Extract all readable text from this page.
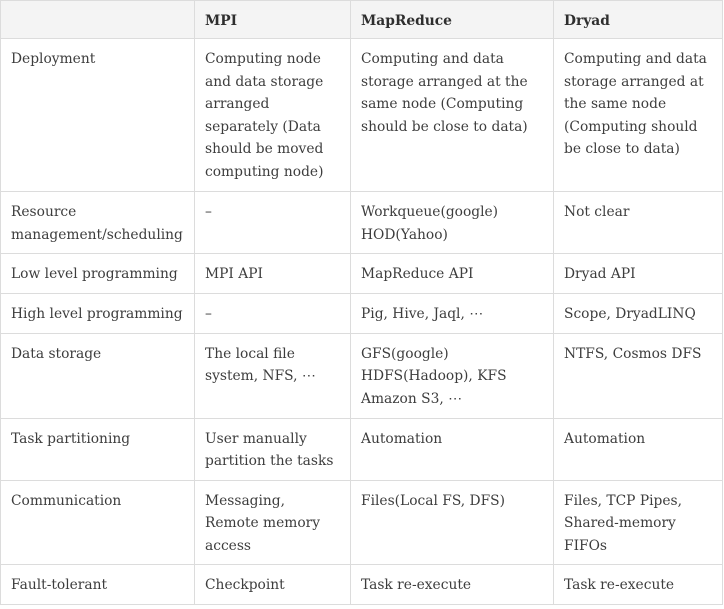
	MPI	MapReduce	Dryad
Deployment	Computing node and data storage arranged separately (Data should be moved computing node)	Computing and data storage arranged at the same node (Computing should be close to data)	Computing and data storage arranged at the same node (Computing should be close to data)
Resource management/scheduling	–	Workqueue(google) HOD(Yahoo)	Not clear
Low level programming	MPI API	MapReduce API	Dryad API
High level programming	–	Pig, Hive, Jaql, ⋯	Scope, DryadLINQ
Data storage	The local file system, NFS, ⋯	GFS(google) HDFS(Hadoop), KFS Amazon S3, ⋯	NTFS, Cosmos DFS
Task partitioning	User manually partition the tasks	Automation	Automation
Communication	Messaging, Remote memory access	Files(Local FS, DFS)	Files, TCP Pipes, Shared-memory FIFOs
Fault-tolerant	Checkpoint	Task re-execute	Task re-execute
